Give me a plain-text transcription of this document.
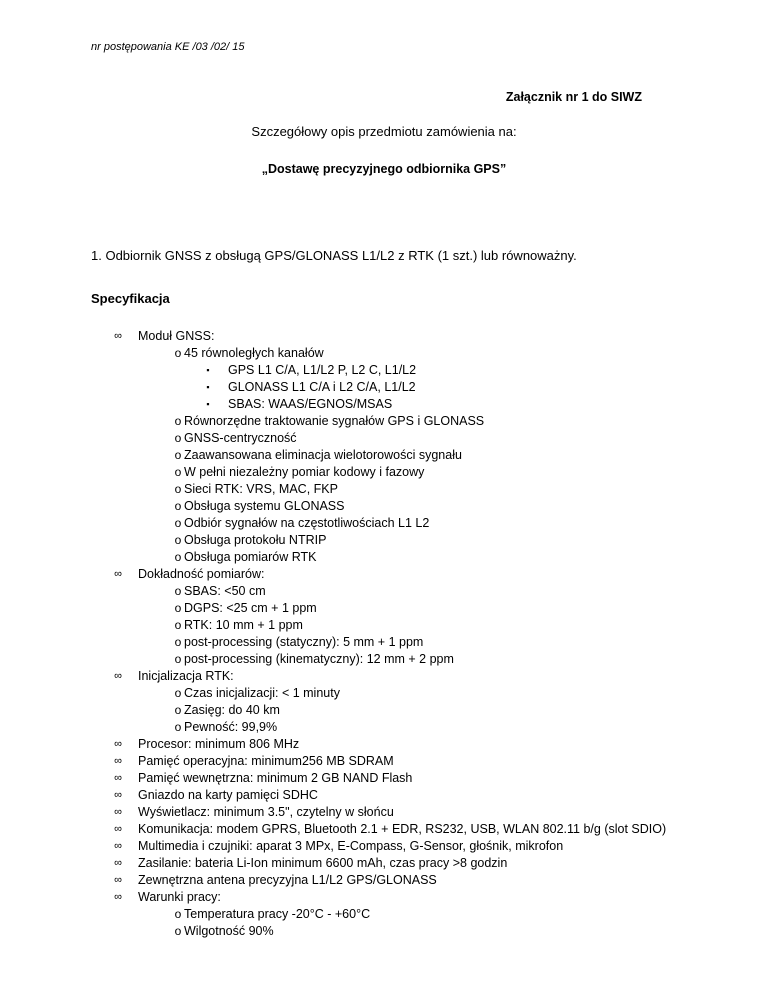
nr postępowania KE /03 /02/ 15
Załącznik nr 1 do SIWZ
Szczegółowy opis przedmiotu zamówienia na:
„Dostawę precyzyjnego odbiornika GPS”
1. Odbiornik GNSS z obsługą GPS/GLONASS L1/L2 z RTK (1 szt.) lub równoważny.
Specyfikacja
∞ Moduł GNSS:
o 45 równoległych kanałów
▪	GPS L1 C/A, L1/L2 P, L2 C, L1/L2
▪	GLONASS L1 C/A i L2 C/A, L1/L2
▪	SBAS: WAAS/EGNOS/MSAS
o Równorzędne traktowanie sygnałów GPS i GLONASS
o GNSS-centryczność
o Zaawansowana eliminacja wielotorowości sygnału
o W pełni niezależny pomiar kodowy i fazowy
o Sieci RTK: VRS, MAC, FKP
o Obsługa systemu GLONASS
o Odbiór sygnałów na częstotliwościach L1 L2
o Obsługa protokołu NTRIP
o Obsługa pomiarów RTK
∞ Dokładność pomiarów:
o SBAS: <50 cm
o DGPS: <25 cm + 1 ppm
o RTK: 10 mm + 1 ppm
o post-processing (statyczny): 5 mm + 1 ppm
o post-processing (kinematyczny): 12 mm + 2 ppm
∞ Inicjalizacja RTK:
o Czas inicjalizacji: < 1 minuty
o Zasięg: do 40 km
o Pewność: 99,9%
∞ Procesor: minimum 806 MHz
∞ Pamięć operacyjna: minimum256 MB SDRAM
∞ Pamięć wewnętrzna: minimum 2 GB NAND Flash
∞ Gniazdo na karty pamięci SDHC
∞ Wyświetlacz: minimum 3.5", czytelny w słońcu
∞ Komunikacja: modem GPRS, Bluetooth 2.1 + EDR, RS232, USB, WLAN 802.11 b/g (slot SDIO)
∞ Multimedia i czujniki: aparat 3 MPx, E-Compass, G-Sensor, głośnik, mikrofon
∞ Zasilanie: bateria Li-Ion minimum 6600 mAh, czas pracy >8 godzin
∞ Zewnętrzna antena precyzyjna L1/L2 GPS/GLONASS
∞ Warunki pracy:
o Temperatura pracy -20°C - +60°C
o Wilgotność 90%
